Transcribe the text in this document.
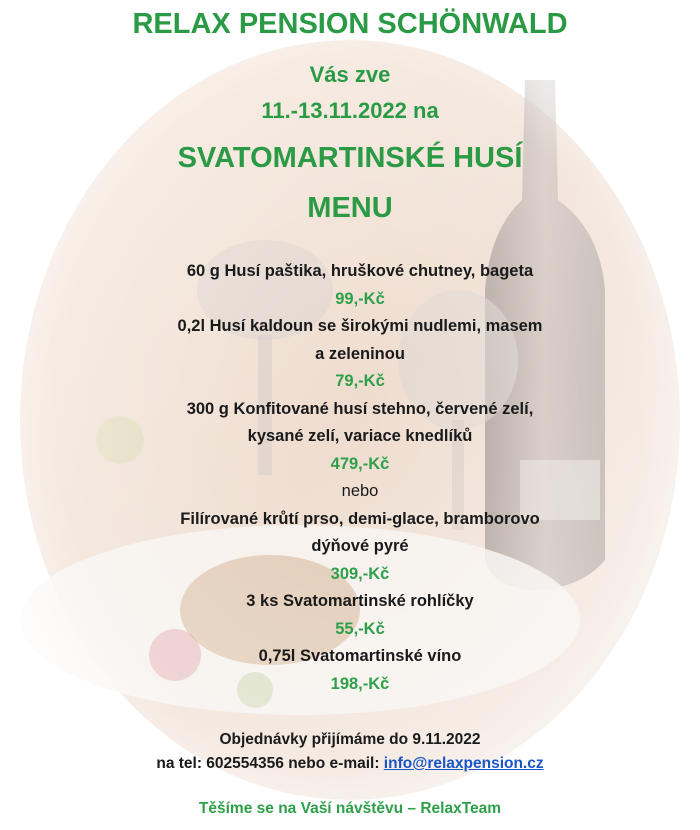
RELAX PENSION SCHÖNWALD
Vás zve
11.-13.11.2022 na
SVATOMARTINSKÉ HUSÍ
MENU
60 g Husí paštika, hruškové chutney, bageta
99,-Kč
0,2l Husí kaldoun se širokými nudlemi, masem
a zeleninou
79,-Kč
300 g Konfitované husí stehno, červené zelí,
kysané zelí, variace knedlíků
479,-Kč
nebo
Filírované krůtí prso, demi-glace, bramborovo
dýňové pyré
309,-Kč
3 ks Svatomartinské rohlíčky
55,-Kč
0,75l Svatomartinské víno
198,-Kč
Objednávky přijímáme do 9.11.2022
na tel: 602554356 nebo e-mail: info@relaxpension.cz
Těšíme se na Vaší návštěvu – RelaxTeam
